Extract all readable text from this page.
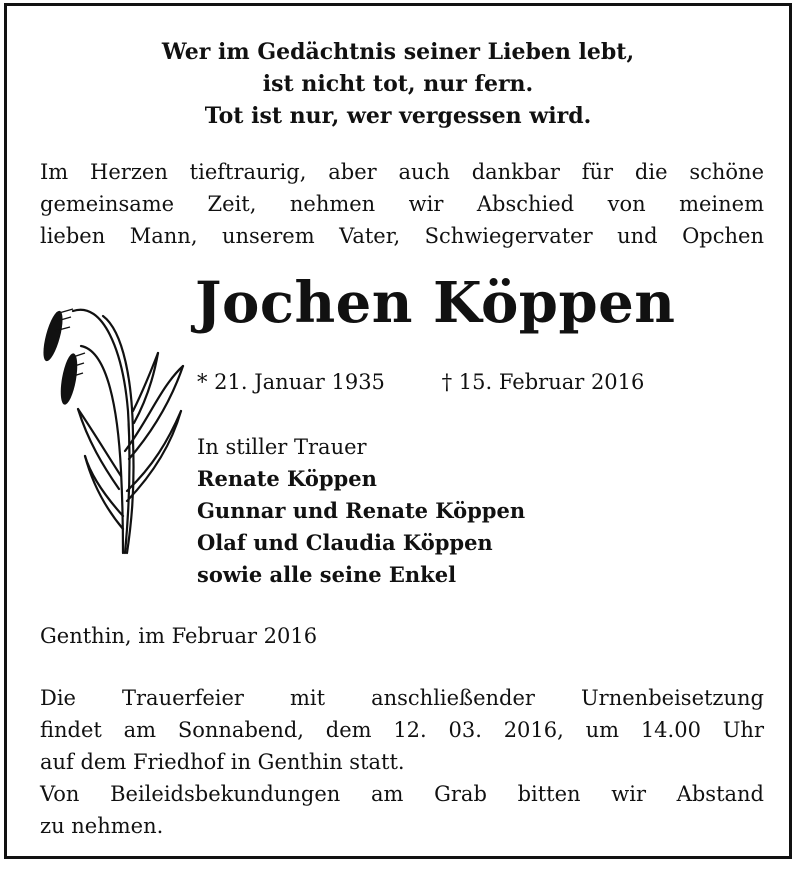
Wer im Gedächtnis seiner Lieben lebt,
ist nicht tot, nur fern.
Tot ist nur, wer vergessen wird.
Im Herzen tieftraurig, aber auch dankbar für die schöne
gemeinsame Zeit, nehmen wir Abschied von meinem
lieben Mann, unserem Vater, Schwiegervater und Opchen
Jochen Köppen
* 21. Januar 1935	† 15. Februar 2016
In stiller Trauer
Renate Köppen
Gunnar und Renate Köppen
Olaf und Claudia Köppen
sowie alle seine Enkel
Genthin, im Februar 2016
Die Trauerfeier mit anschließender Urnenbeisetzung
findet am Sonnabend, dem 12. 03. 2016, um 14.00 Uhr
auf dem Friedhof in Genthin statt.
Von Beileidsbekundungen am Grab bitten wir Abstand
zu nehmen.
